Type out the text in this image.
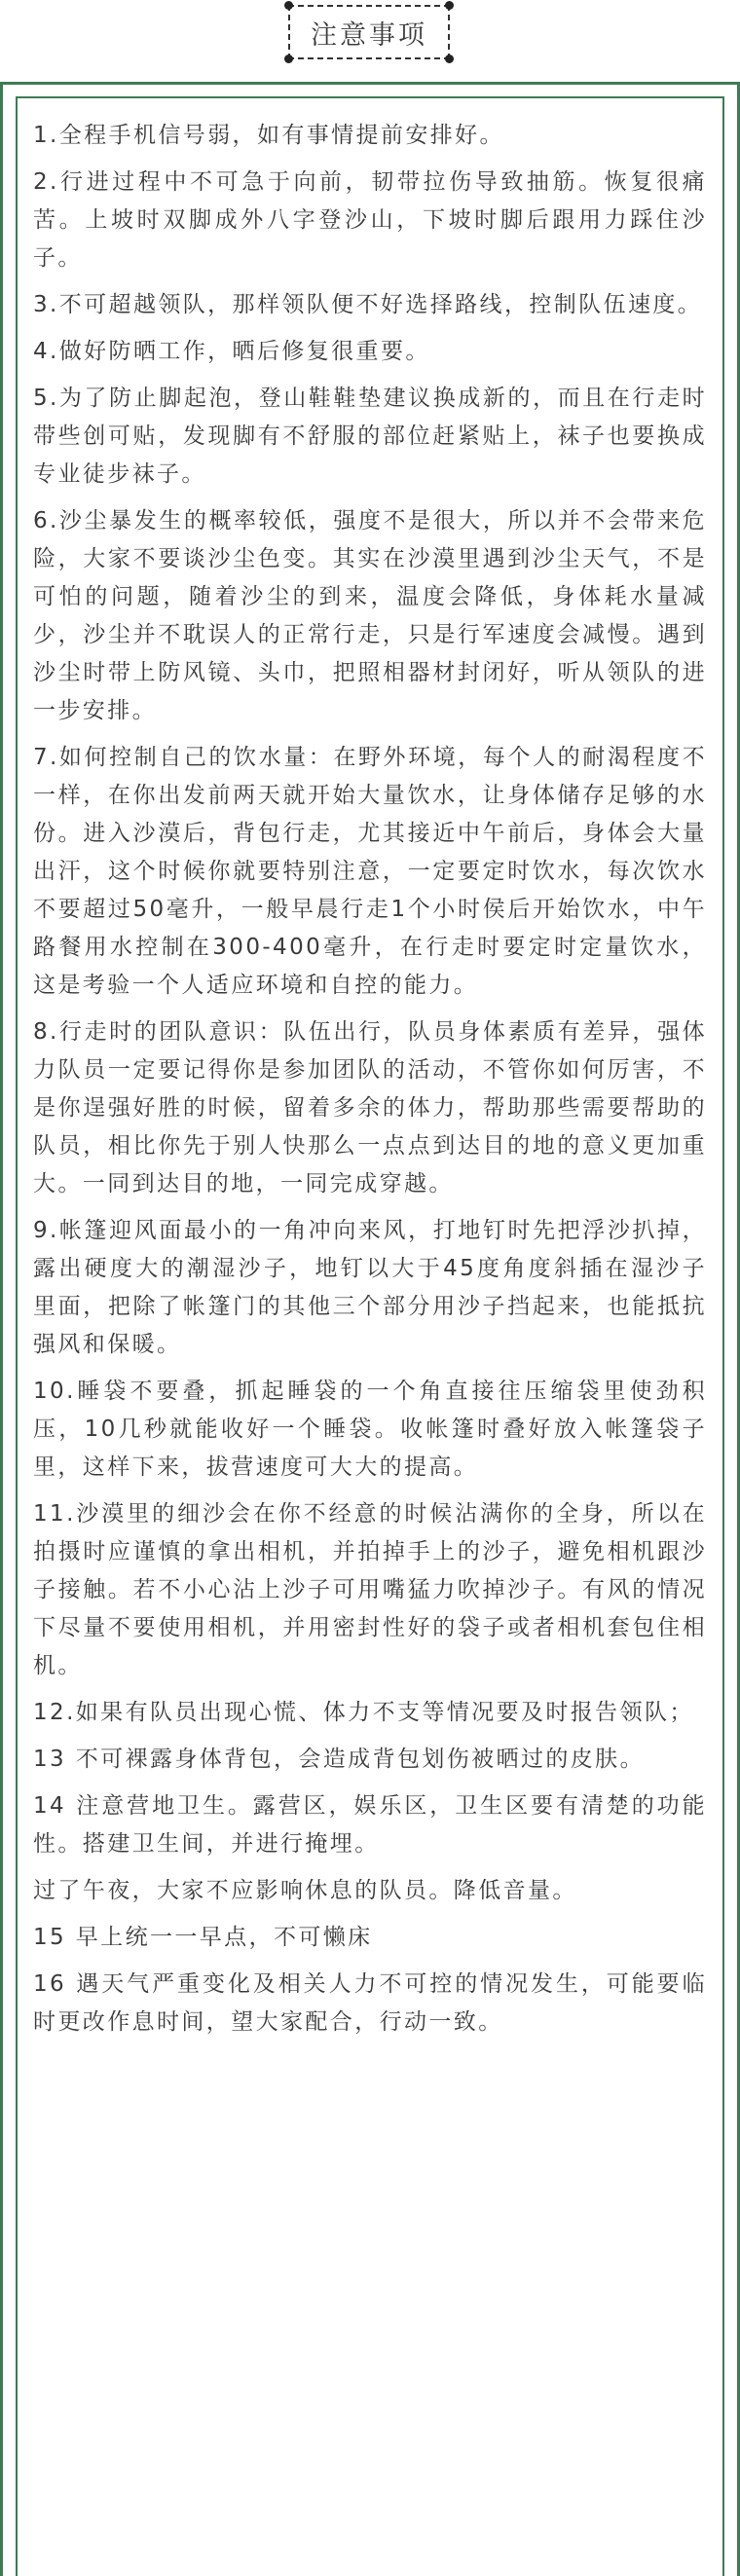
注意事项

1.全程手机信号弱，如有事情提前安排好。

2.行进过程中不可急于向前，韧带拉伤导致抽筋。恢复很痛苦。上坡时双脚成外八字登沙山，下坡时脚后跟用力踩住沙子。

3.不可超越领队，那样领队便不好选择路线，控制队伍速度。

4.做好防晒工作，晒后修复很重要。

5.为了防止脚起泡，登山鞋鞋垫建议换成新的，而且在行走时带些创可贴，发现脚有不舒服的部位赶紧贴上，袜子也要换成专业徒步袜子。

6.沙尘暴发生的概率较低，强度不是很大，所以并不会带来危险，大家不要谈沙尘色变。其实在沙漠里遇到沙尘天气，不是可怕的问题，随着沙尘的到来，温度会降低，身体耗水量减少，沙尘并不耽误人的正常行走，只是行军速度会减慢。遇到沙尘时带上防风镜、头巾，把照相器材封闭好，听从领队的进一步安排。

7.如何控制自己的饮水量：在野外环境，每个人的耐渴程度不一样，在你出发前两天就开始大量饮水，让身体储存足够的水份。进入沙漠后，背包行走，尤其接近中午前后，身体会大量出汗，这个时候你就要特别注意，一定要定时饮水，每次饮水不要超过50毫升，一般早晨行走1个小时侯后开始饮水，中午路餐用水控制在300-400毫升，在行走时要定时定量饮水，这是考验一个人适应环境和自控的能力。

8.行走时的团队意识：队伍出行，队员身体素质有差异，强体力队员一定要记得你是参加团队的活动，不管你如何厉害，不是你逞强好胜的时候，留着多余的体力，帮助那些需要帮助的队员，相比你先于别人快那么一点点到达目的地的意义更加重大。一同到达目的地，一同完成穿越。

9.帐篷迎风面最小的一角冲向来风，打地钉时先把浮沙扒掉，露出硬度大的潮湿沙子，地钉以大于45度角度斜插在湿沙子里面，把除了帐篷门的其他三个部分用沙子挡起来，也能抵抗强风和保暖。

10.睡袋不要叠，抓起睡袋的一个角直接往压缩袋里使劲积压，10几秒就能收好一个睡袋。收帐篷时叠好放入帐篷袋子里，这样下来，拔营速度可大大的提高。

11.沙漠里的细沙会在你不经意的时候沾满你的全身，所以在拍摄时应谨慎的拿出相机，并拍掉手上的沙子，避免相机跟沙子接触。若不小心沾上沙子可用嘴猛力吹掉沙子。有风的情况下尽量不要使用相机，并用密封性好的袋子或者相机套包住相机。

12.如果有队员出现心慌、体力不支等情况要及时报告领队；

13 不可裸露身体背包，会造成背包划伤被晒过的皮肤。

14 注意营地卫生。露营区，娱乐区，卫生区要有清楚的功能性。搭建卫生间，并进行掩埋。

过了午夜，大家不应影响休息的队员。降低音量。

15 早上统一一早点，不可懒床

16 遇天气严重变化及相关人力不可控的情况发生，可能要临时更改作息时间，望大家配合，行动一致。
